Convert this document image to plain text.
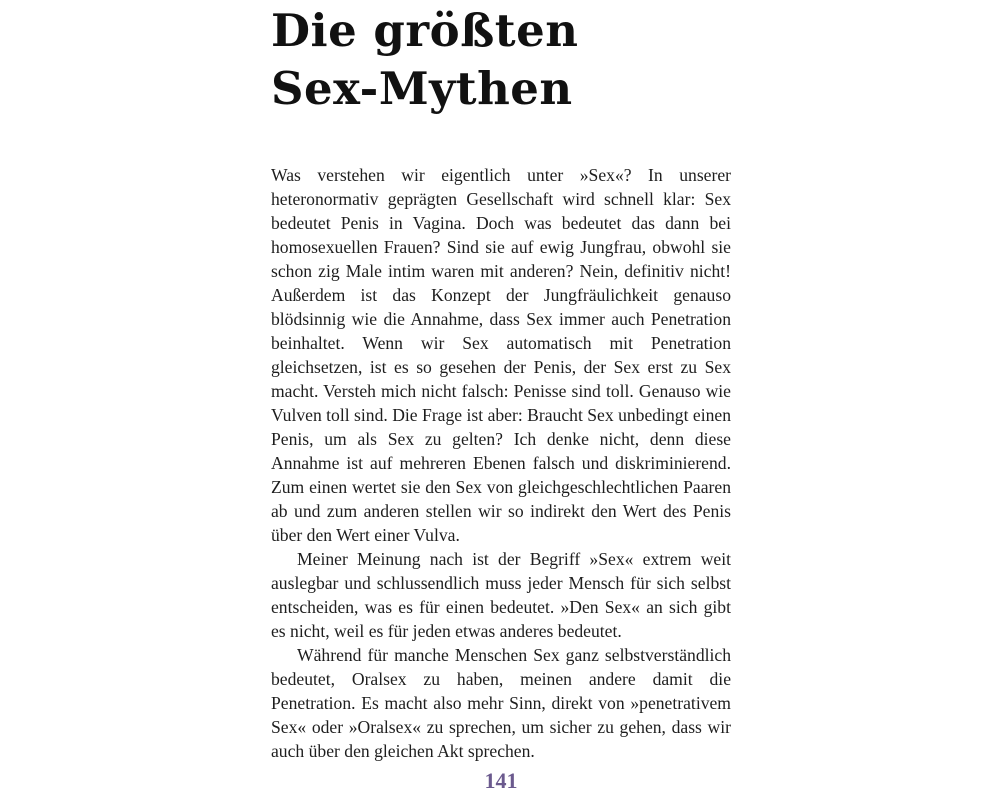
Die größten
Sex-Mythen

Was verstehen wir eigentlich unter »Sex«? In unserer heteronormativ geprägten Gesellschaft wird schnell klar: Sex bedeutet Penis in Vagina. Doch was bedeutet das dann bei homosexuellen Frauen? Sind sie auf ewig Jungfrau, obwohl sie schon zig Male intim waren mit anderen? Nein, definitiv nicht! Außerdem ist das Konzept der Jungfräulichkeit genauso blödsinnig wie die Annahme, dass Sex immer auch Penetration beinhaltet. Wenn wir Sex automatisch mit Penetration gleichsetzen, ist es so gesehen der Penis, der Sex erst zu Sex macht. Versteh mich nicht falsch: Penisse sind toll. Genauso wie Vulven toll sind. Die Frage ist aber: Braucht Sex unbedingt einen Penis, um als Sex zu gelten? Ich denke nicht, denn diese Annahme ist auf mehreren Ebenen falsch und diskriminierend. Zum einen wertet sie den Sex von gleichgeschlechtlichen Paaren ab und zum anderen stellen wir so indirekt den Wert des Penis über den Wert einer Vulva.

Meiner Meinung nach ist der Begriff »Sex« extrem weit auslegbar und schlussendlich muss jeder Mensch für sich selbst entscheiden, was es für einen bedeutet. »Den Sex« an sich gibt es nicht, weil es für jeden etwas anderes bedeutet.

Während für manche Menschen Sex ganz selbstverständlich bedeutet, Oralsex zu haben, meinen andere damit die Penetration. Es macht also mehr Sinn, direkt von »penetrativem Sex« oder »Oralsex« zu sprechen, um sicher zu gehen, dass wir auch über den gleichen Akt sprechen.

141
